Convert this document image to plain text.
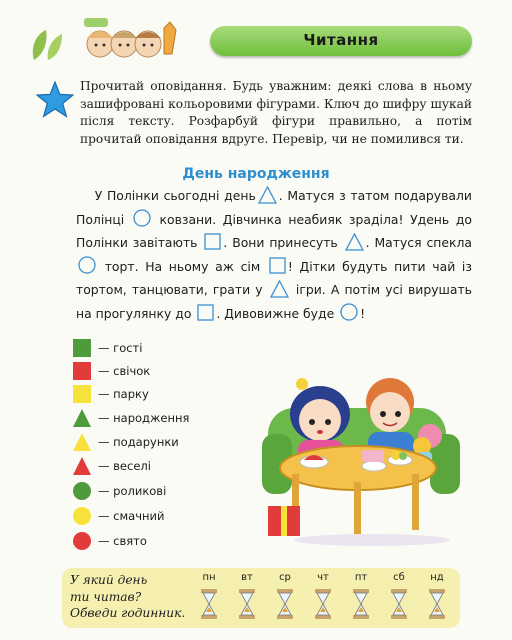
Читання
Прочитай оповідання. Будь уважним: деякі слова в ньому зашифровані кольоровими фігурами. Ключ до шифру шукай після тексту. Розфарбуй фігури правильно, а потім прочитай оповідання вдруге. Перевір, чи не помилився ти.
День народження
У Полінки сьогодні день . Матуся з татом подарували Полінці	ковзани. Дівчинка неабияк зраділа! Удень до Полінки завітають . Вони принесуть . Матуся спекла
торт. На ньому аж сім ! Дітки будуть пити чай із тортом, танцювати, грати у	ігри. А потім усі вирушать на прогулянку до . Дивовижне буде !
— гості
— свічок
— парку
— народження
— подарунки
— веселі
— роликові
— смачний
— свято
У який день
ти читав?
Обведи годинник.
пн	вт	ср	чт	пт	сб	нд
